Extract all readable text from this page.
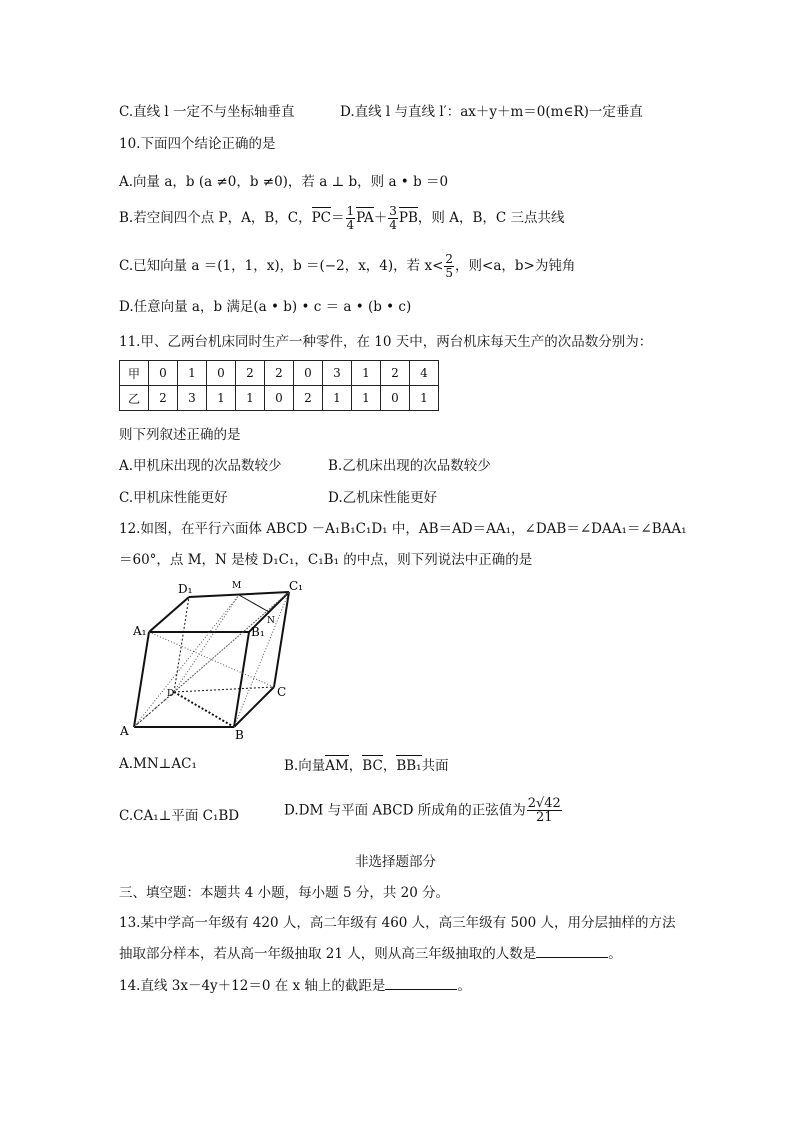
C.直线 l 一定不与坐标轴垂直	D.直线 l 与直线 l′：ax＋y＋m＝0(m∈R)一定垂直
10.下面四个结论正确的是
A.向量 a，b (a ≠0，b ≠0)，若 a ⊥ b，则 a • b ＝0
B.若空间四个点 P，A，B，C，$PC= \frac{1}{4} PA+ \frac{3}{4}$ PB，则 A，B，C 三点共线
C.已知向量 a ＝(1，1，x)，b ＝(−2，x，4)，若 $x< \frac{2}{5}$ ，则<a，b>为钝角
D.任意向量 a，b 满足(a • b) • c ＝ a • (b • c)
11.甲、乙两台机床同时生产一种零件，在 10 天中，两台机床每天生产的次品数分别为：
甲	0	1	0	2	2	0	3	1	2	4
乙	2	3	1	1	0	2	1	1	0	1
则下列叙述正确的是
A.甲机床出现的次品数较少	B.乙机床出现的次品数较少
C.甲机床性能更好	D.乙机床性能更好
12.如图，在平行六面体 ABCD －A₁B₁C₁D₁ 中，AB＝AD＝AA₁，∠DAB＝∠DAA₁＝∠BAA₁
＝60°，点 M，N 是棱 D₁C₁，C₁B₁ 的中点，则下列说法中正确的是
D₁	M	C₁
A₁	B₁
N
D	C
A	B
A.MN⊥AC₁	B.向量AM，BC，BB₁共面
C.CA₁⊥平面 C₁BD	D.DM 与平面 ABCD 所成角的正弦值为 $\frac{2√42}{21}$
非选择题部分
三、填空题：本题共 4 小题，每小题 5 分，共 20 分。
13.某中学高一年级有 420 人，高二年级有 460 人，高三年级有 500 人，用分层抽样的方法
抽取部分样本，若从高一年级抽取 21 人，则从高三年级抽取的人数是	。
14.直线 3x－4y＋12＝0 在 x 轴上的截距是	。
